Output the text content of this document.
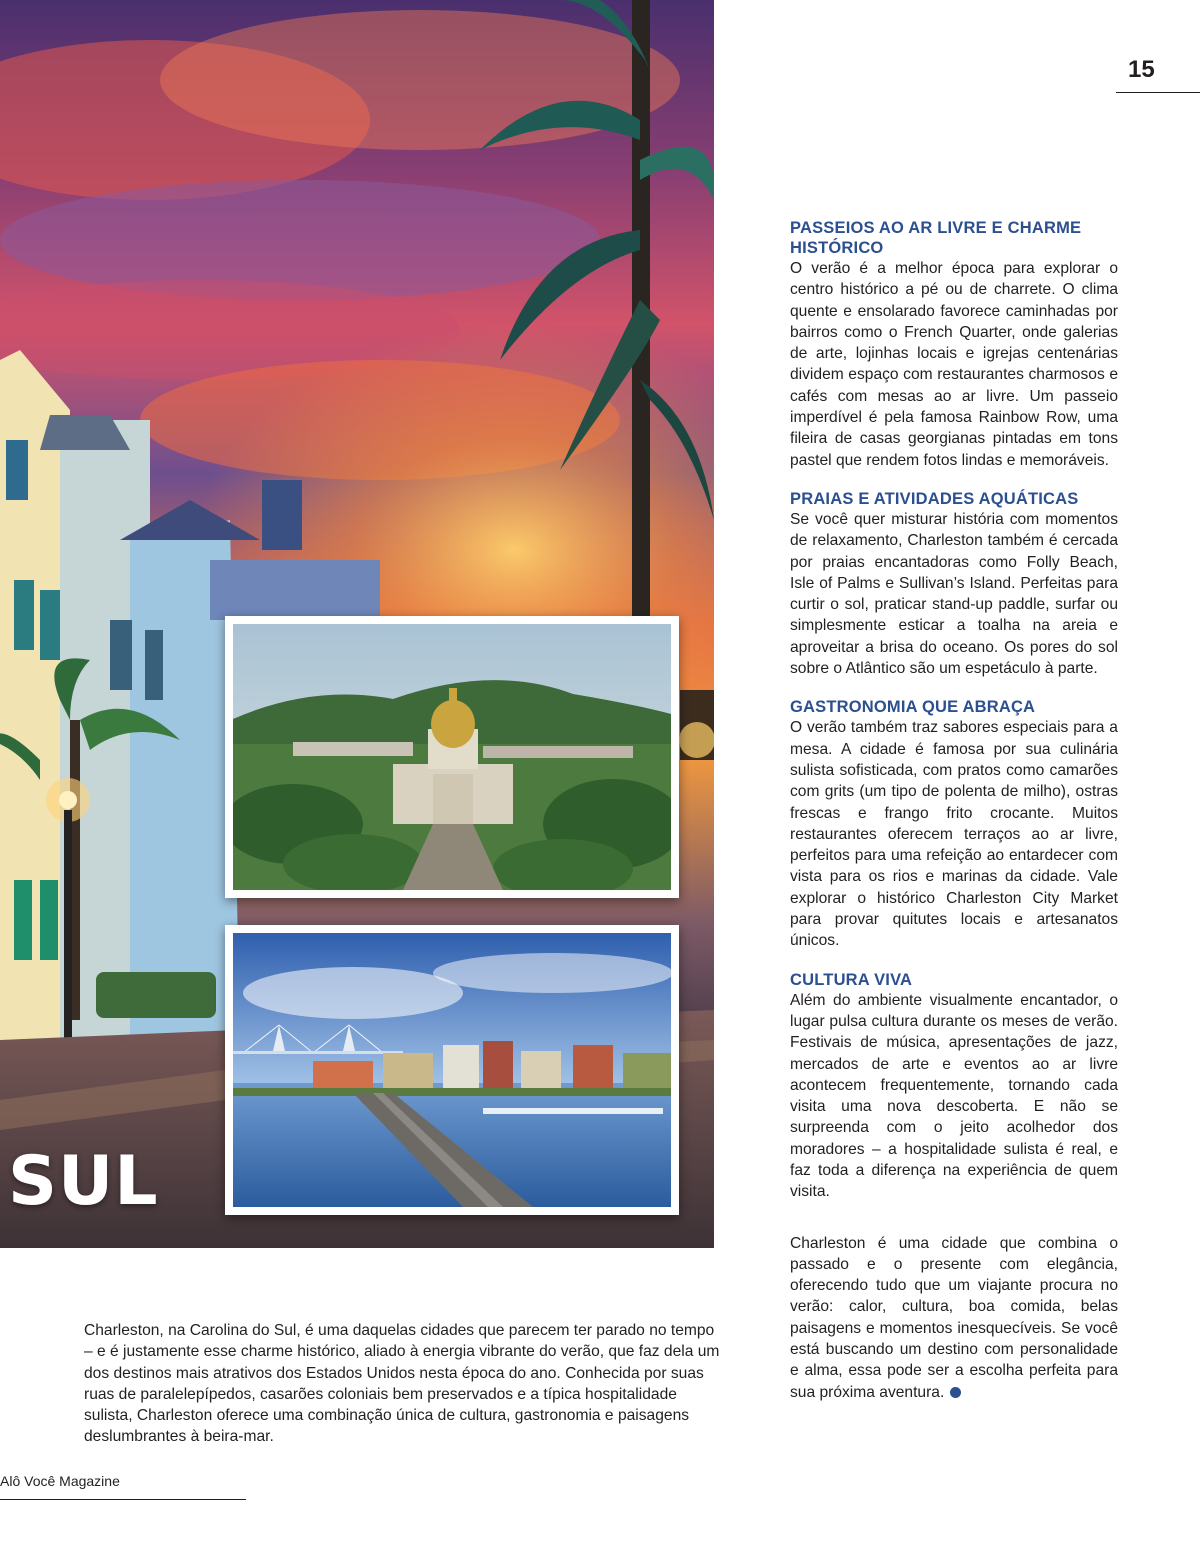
SUL
15
PASSEIOS AO AR LIVRE E CHARME HISTÓRICO

O verão é a melhor época para explorar o centro histórico a pé ou de charrete. O clima quente e ensolarado favorece caminhadas por bairros como o French Quarter, onde galerias de arte, lojinhas locais e igrejas centenárias dividem espaço com restaurantes charmosos e cafés com mesas ao ar livre. Um passeio imperdível é pela famosa Rainbow Row, uma fileira de casas georgianas pintadas em tons pastel que rendem fotos lindas e memoráveis.

PRAIAS E ATIVIDADES AQUÁTICAS

Se você quer misturar história com momentos de relaxamento, Charleston também é cercada por praias encantadoras como Folly Beach, Isle of Palms e Sullivan’s Island. Perfeitas para curtir o sol, praticar stand-up paddle, surfar ou simplesmente esticar a toalha na areia e aproveitar a brisa do oceano. Os pores do sol sobre o Atlântico são um espetáculo à parte.

GASTRONOMIA QUE ABRAÇA

O verão também traz sabores especiais para a mesa. A cidade é famosa por sua culinária sulista sofisticada, com pratos como camarões com grits (um tipo de polenta de milho), ostras frescas e frango frito crocante. Muitos restaurantes oferecem terraços ao ar livre, perfeitos para uma refeição ao entardecer com vista para os rios e marinas da cidade. Vale explorar o histórico Charleston City Market para provar quitutes locais e artesanatos únicos.

CULTURA VIVA

Além do ambiente visualmente encantador, o lugar pulsa cultura durante os meses de verão. Festivais de música, apresentações de jazz, mercados de arte e eventos ao ar livre acontecem frequentemente, tornando cada visita uma nova descoberta. E não se surpreenda com o jeito acolhedor dos moradores – a hospitalidade sulista é real, e faz toda a diferença na experiência de quem visita.

Charleston é uma cidade que combina o passado e o presente com elegância, oferecendo tudo que um viajante procura no verão: calor, cultura, boa comida, belas paisagens e momentos inesquecíveis. Se você está buscando um destino com personalidade e alma, essa pode ser a escolha perfeita para sua próxima aventura.

Charleston, na Carolina do Sul, é uma daquelas cidades que parecem ter parado no tempo – e é justamente esse charme histórico, aliado à energia vibrante do verão, que faz dela um dos destinos mais atrativos dos Estados Unidos nesta época do ano. Conhecida por suas ruas de paralelepípedos, casarões coloniais bem preservados e a típica hospitalidade sulista, Charleston oferece uma combinação única de cultura, gastronomia e paisagens deslumbrantes à beira-mar.

Alô Você Magazine
